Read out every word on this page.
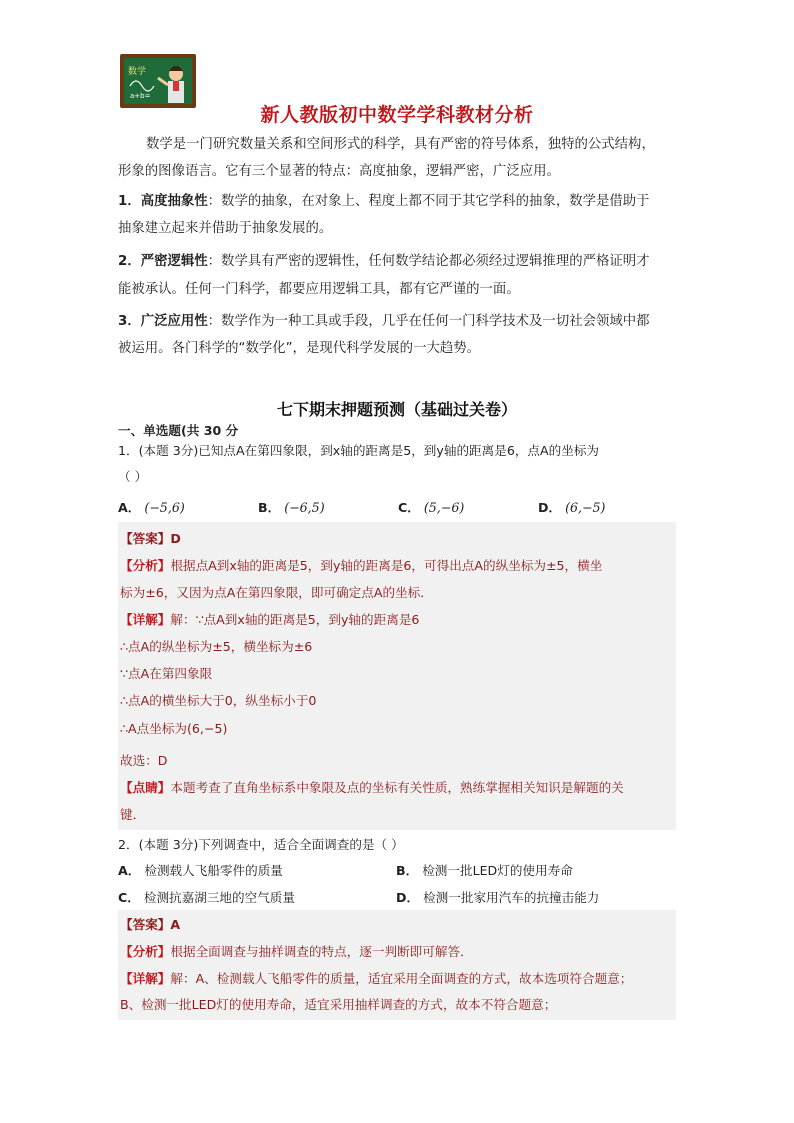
数学
a+b=
新人教版初中数学学科教材分析
数学是一门研究数量关系和空间形式的科学，具有严密的符号体系，独特的公式结构，
形象的图像语言。它有三个显著的特点：高度抽象，逻辑严密，广泛应用。
1．高度抽象性：数学的抽象，在对象上、程度上都不同于其它学科的抽象，数学是借助于
抽象建立起来并借助于抽象发展的。
2．严密逻辑性：数学具有严密的逻辑性，任何数学结论都必须经过逻辑推理的严格证明才
能被承认。任何一门科学，都要应用逻辑工具，都有它严谨的一面。
3．广泛应用性：数学作为一种工具或手段，几乎在任何一门科学技术及一切社会领域中都
被运用。各门科学的“数学化”，是现代科学发展的一大趋势。
七下期末押题预测（基础过关卷）
一、单选题(共 30 分
1．(本题 3分)已知点A在第四象限，到x轴的距离是5，到y轴的距离是6，点A的坐标为
（ ）
A． (−5,6)	B． (−6,5)	C． (5,−6)	D． (6,−5)
【答案】D
【分析】根据点A到x轴的距离是5，到y轴的距离是6，可得出点A的纵坐标为±5，横坐
标为±6，又因为点A在第四象限，即可确定点A的坐标．
【详解】解：∵点A到x轴的距离是5，到y轴的距离是6
∴点A的纵坐标为±5，横坐标为±6
∵点A在第四象限
∴点A的横坐标大于0，纵坐标小于0
∴A点坐标为(6,−5)
故选：D
【点睛】本题考查了直角坐标系中象限及点的坐标有关性质，熟练掌握相关知识是解题的关
键．
2．(本题 3分)下列调查中，适合全面调查的是（ ）
A． 检测载人飞船零件的质量	B． 检测一批LED灯的使用寿命
C． 检测抗嘉湖三地的空气质量	D． 检测一批家用汽车的抗撞击能力
【答案】A
【分析】根据全面调查与抽样调查的特点，逐一判断即可解答．
【详解】解：A、检测载人飞船零件的质量，适宜采用全面调查的方式，故本选项符合题意；
B、检测一批LED灯的使用寿命，适宜采用抽样调查的方式，故本不符合题意；
